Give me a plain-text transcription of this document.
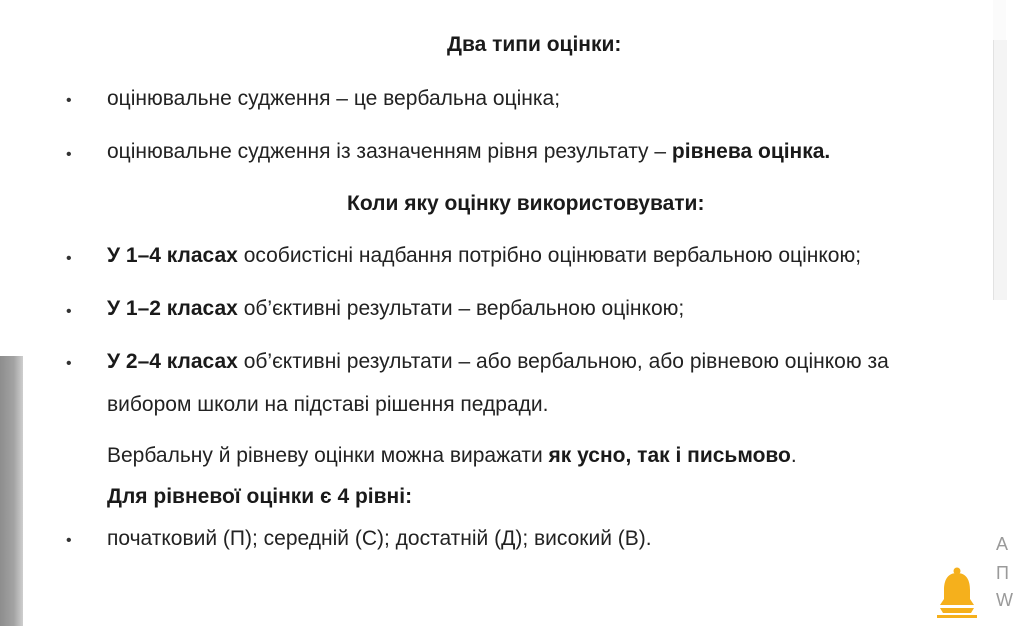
Два типи оцінки:
• оцінювальне судження – це вербальна оцінка;
• оцінювальне судження із зазначенням рівня результату – рівнева оцінка.
Коли яку оцінку використовувати:
• У 1–4 класах особистісні надбання потрібно оцінювати вербальною оцінкою;
• У 1–2 класах об’єктивні результати – вербальною оцінкою;
• У 2–4 класах об’єктивні результати – або вербальною, або рівневою оцінкою за
вибором школи на підставі рішення педради.
Вербальну й рівневу оцінки можна виражати як усно, так і письмово.
Для рівневої оцінки є 4 рівні:
• початковий (П); середній (С); достатній (Д); високий (В).	А
П
W
